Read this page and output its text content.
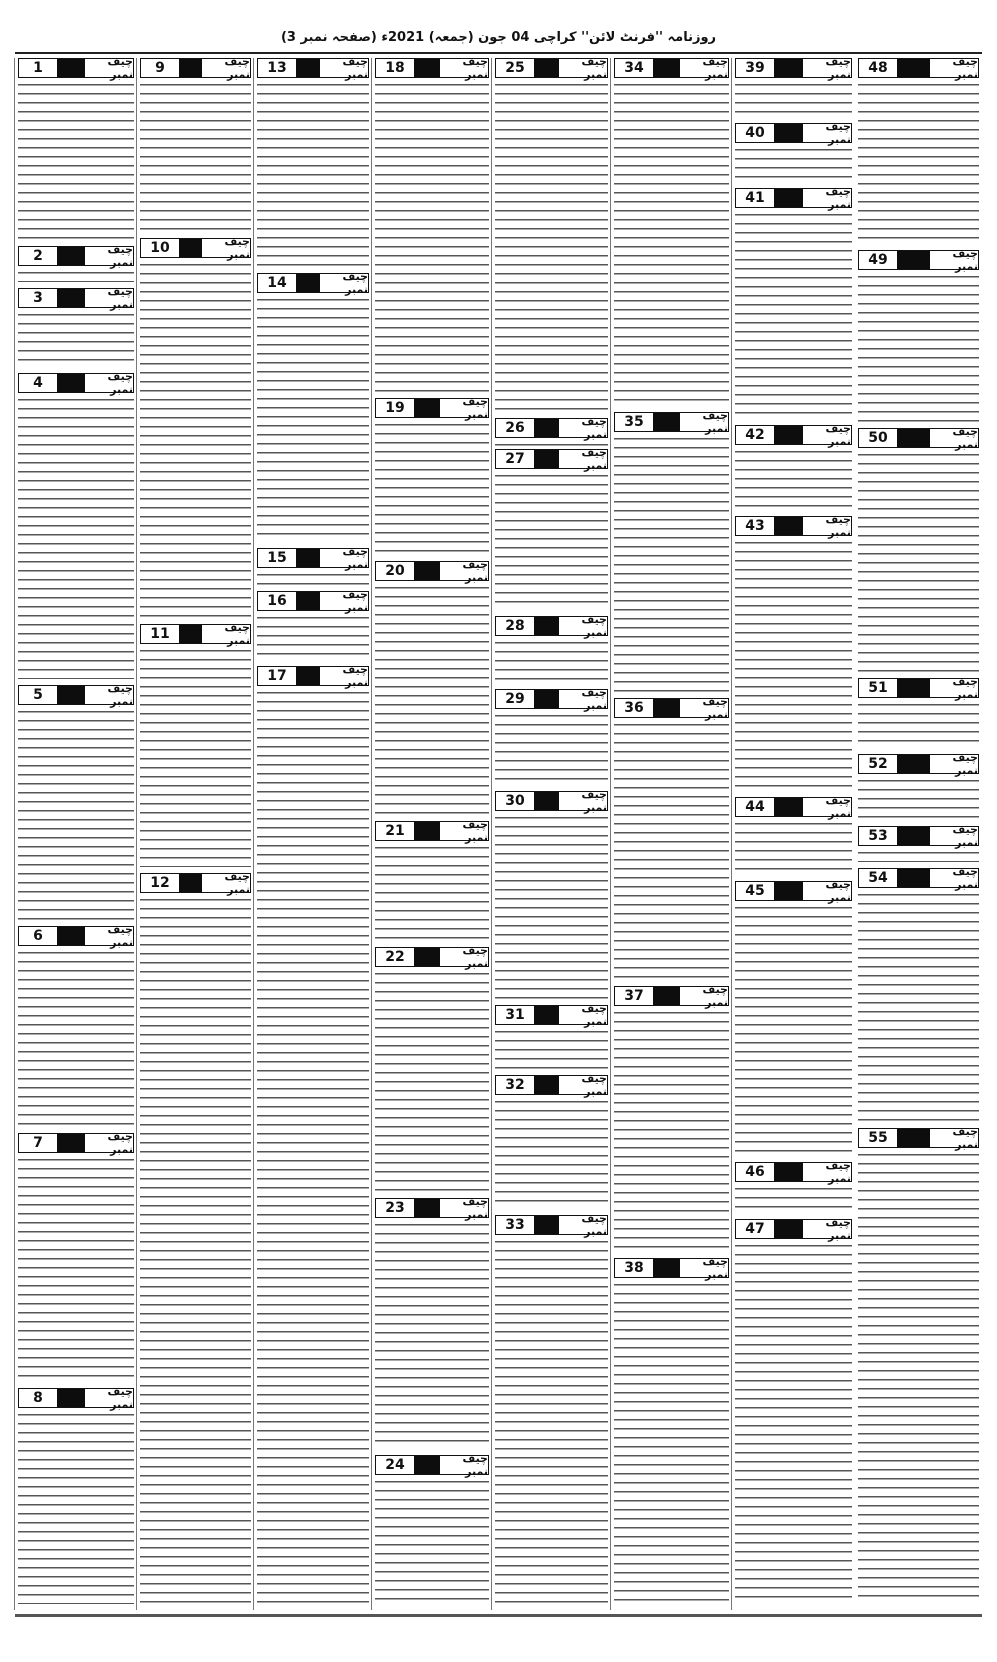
روزنامہ ''فرنٹ لائن'' کراچی 04 جون (جمعہ) 2021ء (صفحہ نمبر 3)
1	چیف نمبر
2	چیف نمبر
3	چیف نمبر
4	چیف نمبر
5	چیف نمبر
6	چیف نمبر
7	چیف نمبر
8	چیف نمبر
9	چیف نمبر
10	چیف نمبر
11	چیف نمبر
12	چیف نمبر
13	چیف نمبر
14	چیف نمبر
15	چیف نمبر
16	چیف نمبر
17	چیف نمبر
18	چیف نمبر
19	چیف نمبر
20	چیف نمبر
21	چیف نمبر
22	چیف نمبر
23	چیف نمبر
24	چیف نمبر
25	چیف نمبر
26	چیف نمبر
27	چیف نمبر
28	چیف نمبر
29	چیف نمبر
30	چیف نمبر
31	چیف نمبر
32	چیف نمبر
33	چیف نمبر
34	چیف نمبر
35	چیف نمبر
36	چیف نمبر
37	چیف نمبر
38	چیف نمبر
39	چیف نمبر
40	چیف نمبر
41	چیف نمبر
42	چیف نمبر
43	چیف نمبر
44	چیف نمبر
45	چیف نمبر
46	چیف نمبر
47	چیف نمبر
48	چیف نمبر
49	چیف نمبر
50	چیف نمبر
51	چیف نمبر
52	چیف نمبر
53	چیف نمبر
54	چیف نمبر
55	چیف نمبر
